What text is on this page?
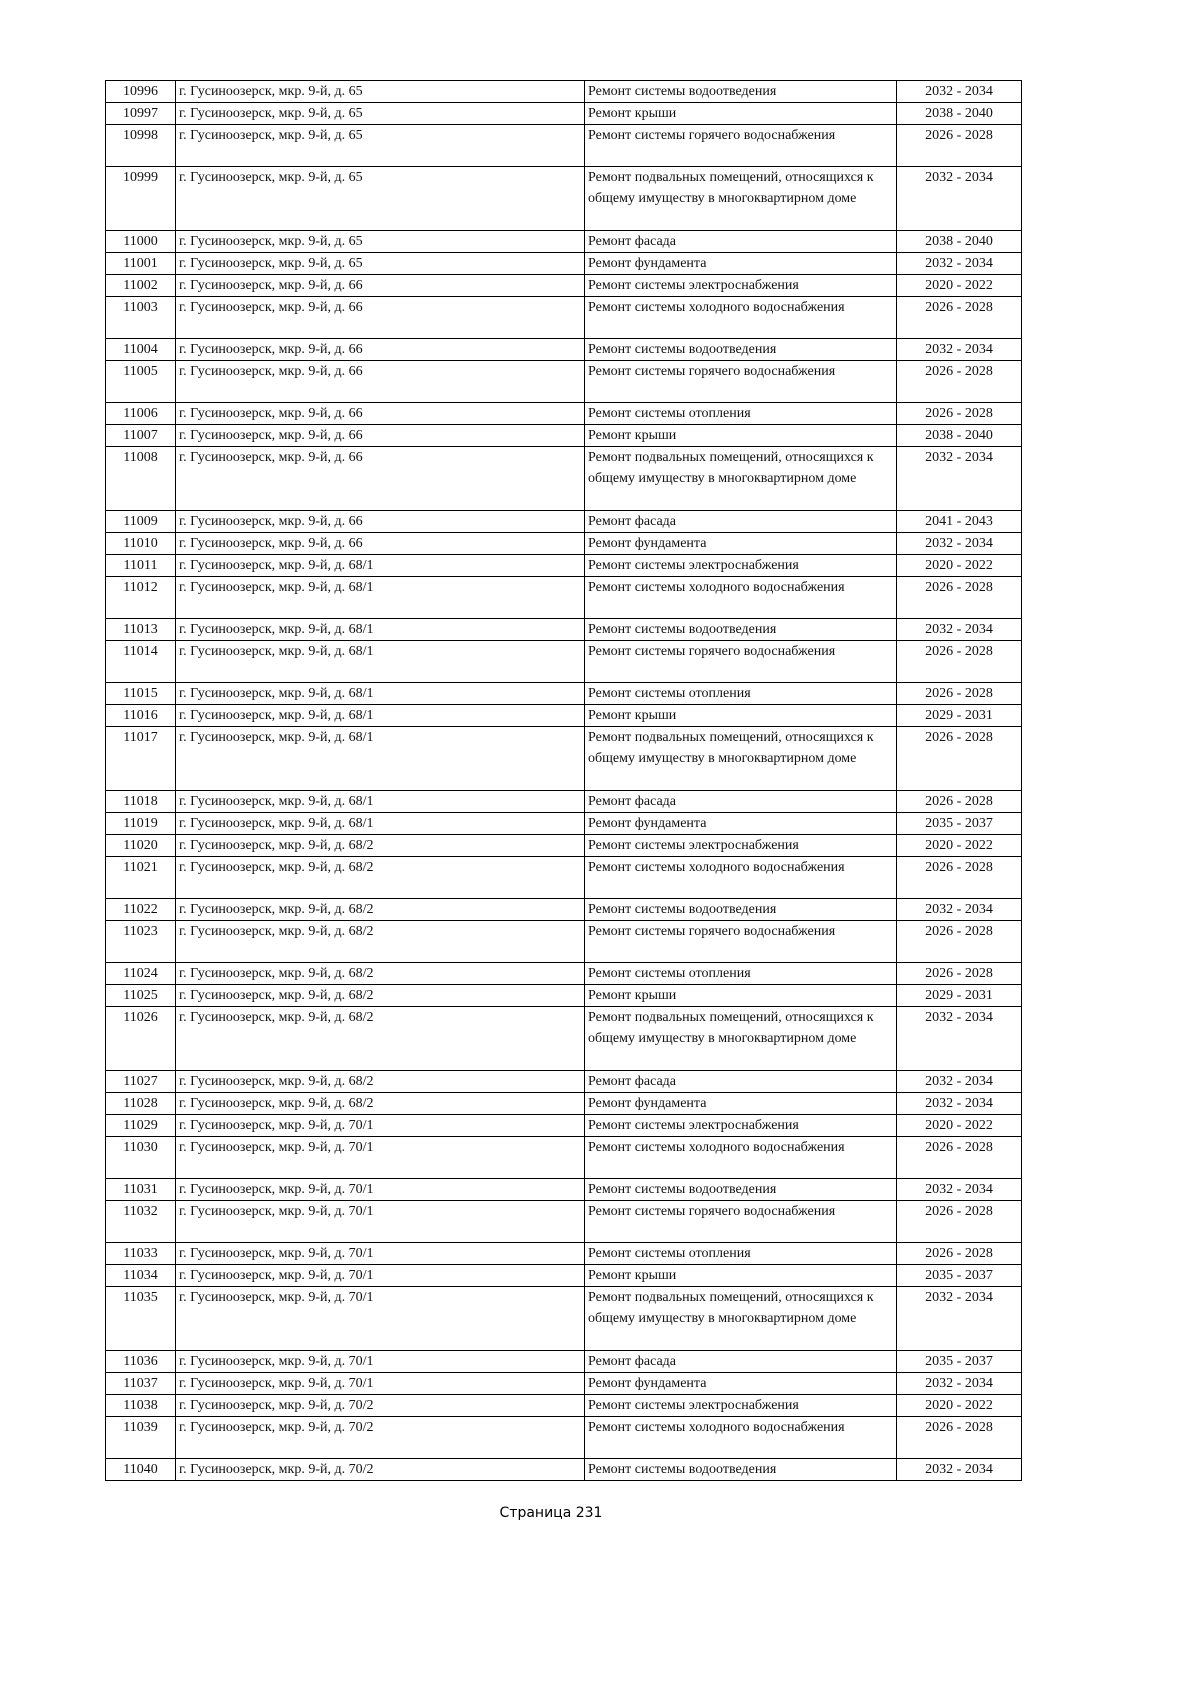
10996	г. Гусиноозерск, мкр. 9-й, д. 65	Ремонт системы водоотведения	2032 - 2034
10997	г. Гусиноозерск, мкр. 9-й, д. 65	Ремонт крыши	2038 - 2040
10998	г. Гусиноозерск, мкр. 9-й, д. 65	Ремонт системы горячего водоснабжения	2026 - 2028
10999	г. Гусиноозерск, мкр. 9-й, д. 65	Ремонт подвальных помещений, относящихся к общему имуществу в многоквартирном доме	2032 - 2034
11000	г. Гусиноозерск, мкр. 9-й, д. 65	Ремонт фасада	2038 - 2040
11001	г. Гусиноозерск, мкр. 9-й, д. 65	Ремонт фундамента	2032 - 2034
11002	г. Гусиноозерск, мкр. 9-й, д. 66	Ремонт системы электроснабжения	2020 - 2022
11003	г. Гусиноозерск, мкр. 9-й, д. 66	Ремонт системы холодного водоснабжения	2026 - 2028
11004	г. Гусиноозерск, мкр. 9-й, д. 66	Ремонт системы водоотведения	2032 - 2034
11005	г. Гусиноозерск, мкр. 9-й, д. 66	Ремонт системы горячего водоснабжения	2026 - 2028
11006	г. Гусиноозерск, мкр. 9-й, д. 66	Ремонт системы отопления	2026 - 2028
11007	г. Гусиноозерск, мкр. 9-й, д. 66	Ремонт крыши	2038 - 2040
11008	г. Гусиноозерск, мкр. 9-й, д. 66	Ремонт подвальных помещений, относящихся к общему имуществу в многоквартирном доме	2032 - 2034
11009	г. Гусиноозерск, мкр. 9-й, д. 66	Ремонт фасада	2041 - 2043
11010	г. Гусиноозерск, мкр. 9-й, д. 66	Ремонт фундамента	2032 - 2034
11011	г. Гусиноозерск, мкр. 9-й, д. 68/1	Ремонт системы электроснабжения	2020 - 2022
11012	г. Гусиноозерск, мкр. 9-й, д. 68/1	Ремонт системы холодного водоснабжения	2026 - 2028
11013	г. Гусиноозерск, мкр. 9-й, д. 68/1	Ремонт системы водоотведения	2032 - 2034
11014	г. Гусиноозерск, мкр. 9-й, д. 68/1	Ремонт системы горячего водоснабжения	2026 - 2028
11015	г. Гусиноозерск, мкр. 9-й, д. 68/1	Ремонт системы отопления	2026 - 2028
11016	г. Гусиноозерск, мкр. 9-й, д. 68/1	Ремонт крыши	2029 - 2031
11017	г. Гусиноозерск, мкр. 9-й, д. 68/1	Ремонт подвальных помещений, относящихся к общему имуществу в многоквартирном доме	2026 - 2028
11018	г. Гусиноозерск, мкр. 9-й, д. 68/1	Ремонт фасада	2026 - 2028
11019	г. Гусиноозерск, мкр. 9-й, д. 68/1	Ремонт фундамента	2035 - 2037
11020	г. Гусиноозерск, мкр. 9-й, д. 68/2	Ремонт системы электроснабжения	2020 - 2022
11021	г. Гусиноозерск, мкр. 9-й, д. 68/2	Ремонт системы холодного водоснабжения	2026 - 2028
11022	г. Гусиноозерск, мкр. 9-й, д. 68/2	Ремонт системы водоотведения	2032 - 2034
11023	г. Гусиноозерск, мкр. 9-й, д. 68/2	Ремонт системы горячего водоснабжения	2026 - 2028
11024	г. Гусиноозерск, мкр. 9-й, д. 68/2	Ремонт системы отопления	2026 - 2028
11025	г. Гусиноозерск, мкр. 9-й, д. 68/2	Ремонт крыши	2029 - 2031
11026	г. Гусиноозерск, мкр. 9-й, д. 68/2	Ремонт подвальных помещений, относящихся к общему имуществу в многоквартирном доме	2032 - 2034
11027	г. Гусиноозерск, мкр. 9-й, д. 68/2	Ремонт фасада	2032 - 2034
11028	г. Гусиноозерск, мкр. 9-й, д. 68/2	Ремонт фундамента	2032 - 2034
11029	г. Гусиноозерск, мкр. 9-й, д. 70/1	Ремонт системы электроснабжения	2020 - 2022
11030	г. Гусиноозерск, мкр. 9-й, д. 70/1	Ремонт системы холодного водоснабжения	2026 - 2028
11031	г. Гусиноозерск, мкр. 9-й, д. 70/1	Ремонт системы водоотведения	2032 - 2034
11032	г. Гусиноозерск, мкр. 9-й, д. 70/1	Ремонт системы горячего водоснабжения	2026 - 2028
11033	г. Гусиноозерск, мкр. 9-й, д. 70/1	Ремонт системы отопления	2026 - 2028
11034	г. Гусиноозерск, мкр. 9-й, д. 70/1	Ремонт крыши	2035 - 2037
11035	г. Гусиноозерск, мкр. 9-й, д. 70/1	Ремонт подвальных помещений, относящихся к общему имуществу в многоквартирном доме	2032 - 2034
11036	г. Гусиноозерск, мкр. 9-й, д. 70/1	Ремонт фасада	2035 - 2037
11037	г. Гусиноозерск, мкр. 9-й, д. 70/1	Ремонт фундамента	2032 - 2034
11038	г. Гусиноозерск, мкр. 9-й, д. 70/2	Ремонт системы электроснабжения	2020 - 2022
11039	г. Гусиноозерск, мкр. 9-й, д. 70/2	Ремонт системы холодного водоснабжения	2026 - 2028
11040	г. Гусиноозерск, мкр. 9-й, д. 70/2	Ремонт системы водоотведения	2032 - 2034
Страница 231
